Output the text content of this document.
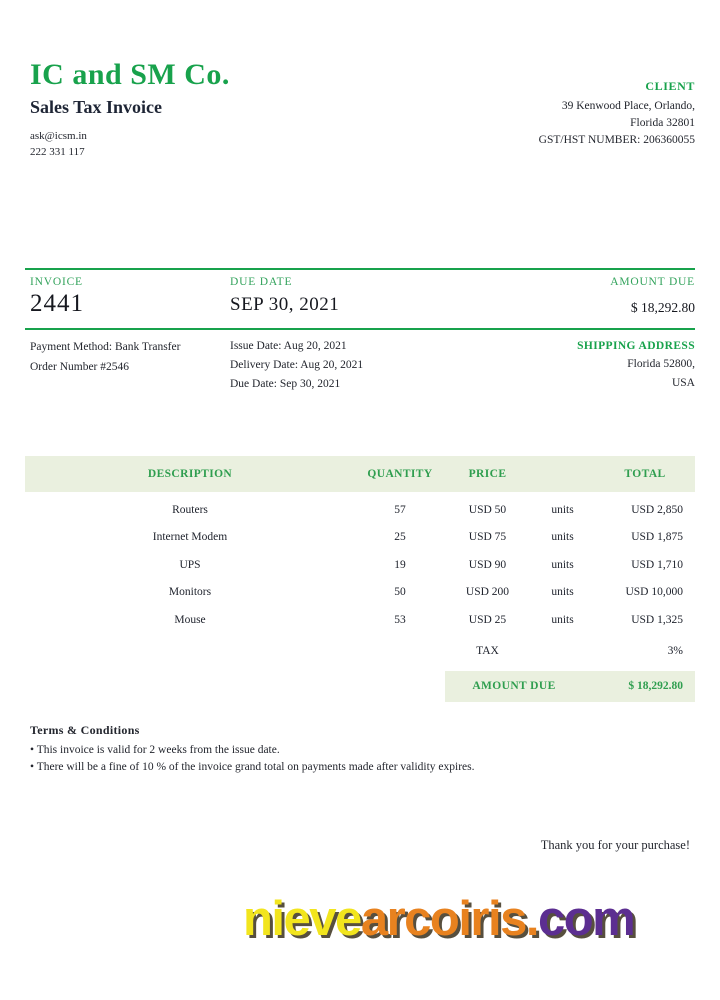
IC and SM Co.
Sales Tax Invoice
ask@icsm.in
222 331 117
CLIENT
39 Kenwood Place, Orlando,
Florida 32801
GST/HST NUMBER: 206360055
INVOICE
2441
DUE DATE
SEP 30, 2021
AMOUNT DUE
$ 18,292.80
Payment Method: Bank Transfer
Order Number #2546
Issue Date: Aug 20, 2021
Delivery Date: Aug 20, 2021
Due Date: Sep 30, 2021
SHIPPING ADDRESS
Florida 52800,
USA
DESCRIPTION	QUANTITY	PRICE	TOTAL
Routers	57	USD 50	units	USD 2,850
Internet Modem	25	USD 75	units	USD 1,875
UPS	19	USD 90	units	USD 1,710
Monitors	50	USD 200	units	USD 10,000
Mouse	53	USD 25	units	USD 1,325
TAX	3%
AMOUNT DUE	$ 18,292.80
Terms & Conditions
• This invoice is valid for 2 weeks from the issue date.
• There will be a fine of 10 % of the invoice grand total on payments made after validity expires.
Thank you for your purchase!
nievearcoiris.com
